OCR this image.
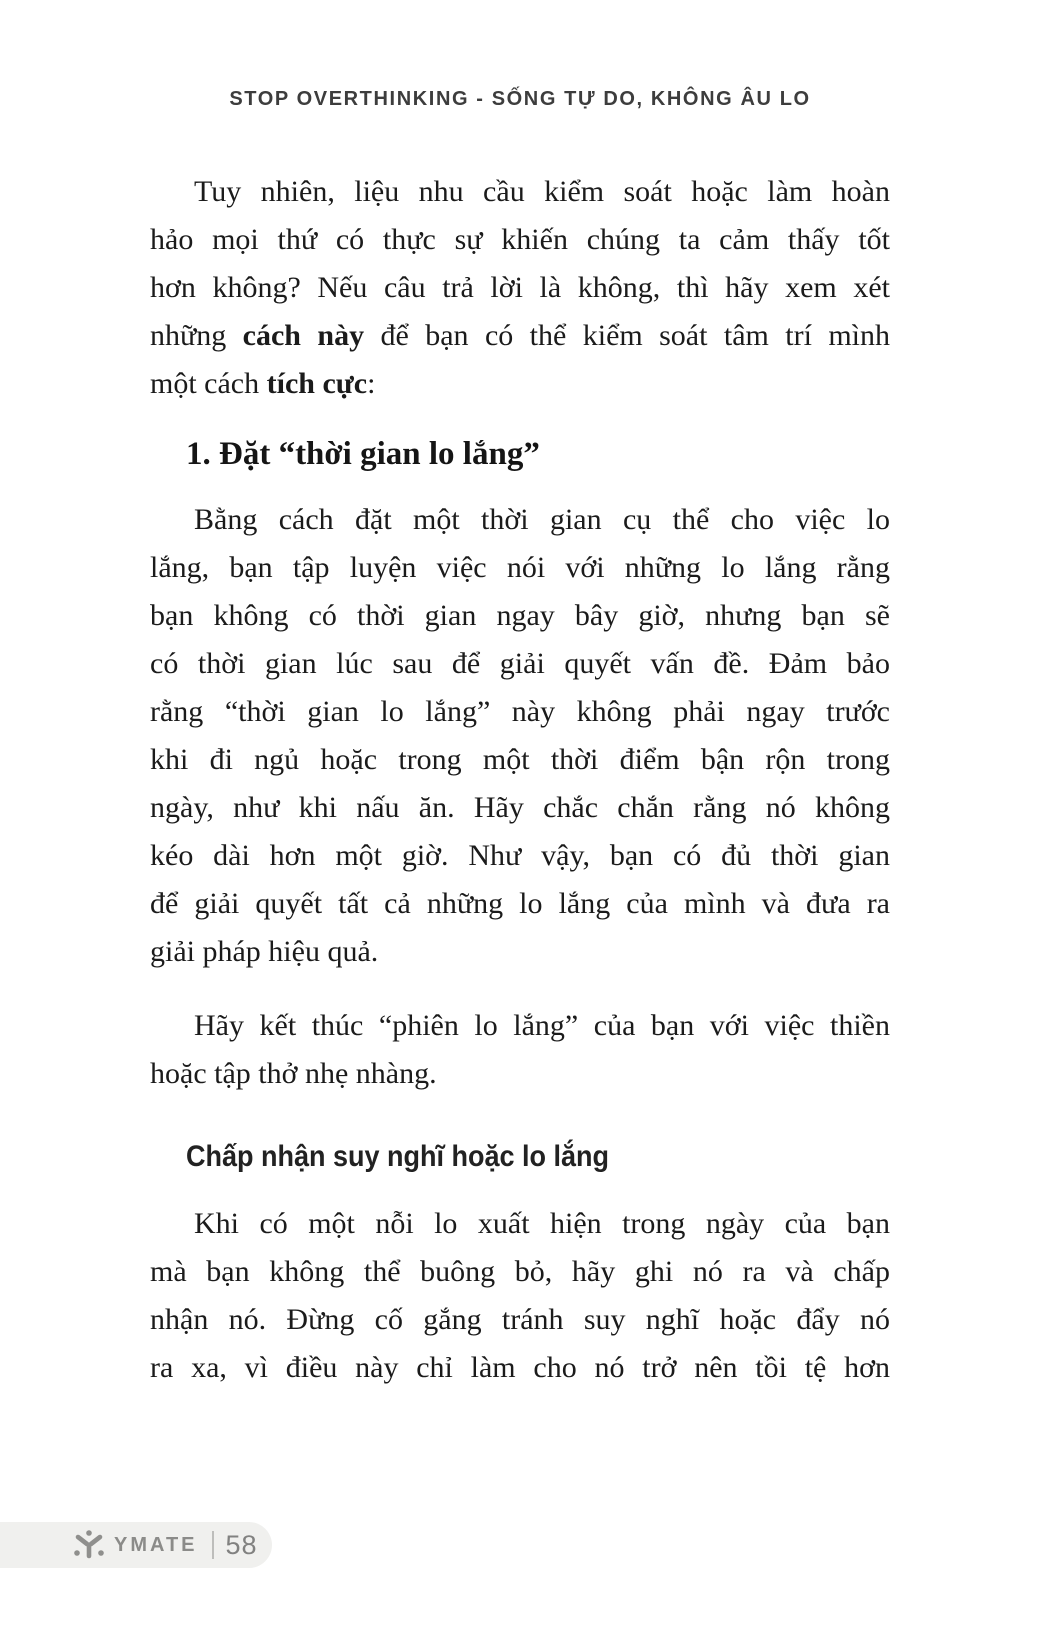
STOP OVERTHINKING - SỐNG TỰ DO, KHÔNG ÂU LO
Tuy nhiên, liệu nhu cầu kiểm soát hoặc làm hoàn
hảo mọi thứ có thực sự khiến chúng ta cảm thấy tốt
hơn không? Nếu câu trả lời là không, thì hãy xem xét
những cách này để bạn có thể kiểm soát tâm trí mình
một cách tích cực:
1. Đặt “thời gian lo lắng”
Bằng cách đặt một thời gian cụ thể cho việc lo
lắng, bạn tập luyện việc nói với những lo lắng rằng
bạn không có thời gian ngay bây giờ, nhưng bạn sẽ
có thời gian lúc sau để giải quyết vấn đề. Đảm bảo
rằng “thời gian lo lắng” này không phải ngay trước
khi đi ngủ hoặc trong một thời điểm bận rộn trong
ngày, như khi nấu ăn. Hãy chắc chắn rằng nó không
kéo dài hơn một giờ. Như vậy, bạn có đủ thời gian
để giải quyết tất cả những lo lắng của mình và đưa ra
giải pháp hiệu quả.
Hãy kết thúc “phiên lo lắng” của bạn với việc thiền
hoặc tập thở nhẹ nhàng.
Chấp nhận suy nghĩ hoặc lo lắng
Khi có một nỗi lo xuất hiện trong ngày của bạn
mà bạn không thể buông bỏ, hãy ghi nó ra và chấp
nhận nó. Đừng cố gắng tránh suy nghĩ hoặc đẩy nó
ra xa, vì điều này chỉ làm cho nó trở nên tồi tệ hơn
YMATE 58
